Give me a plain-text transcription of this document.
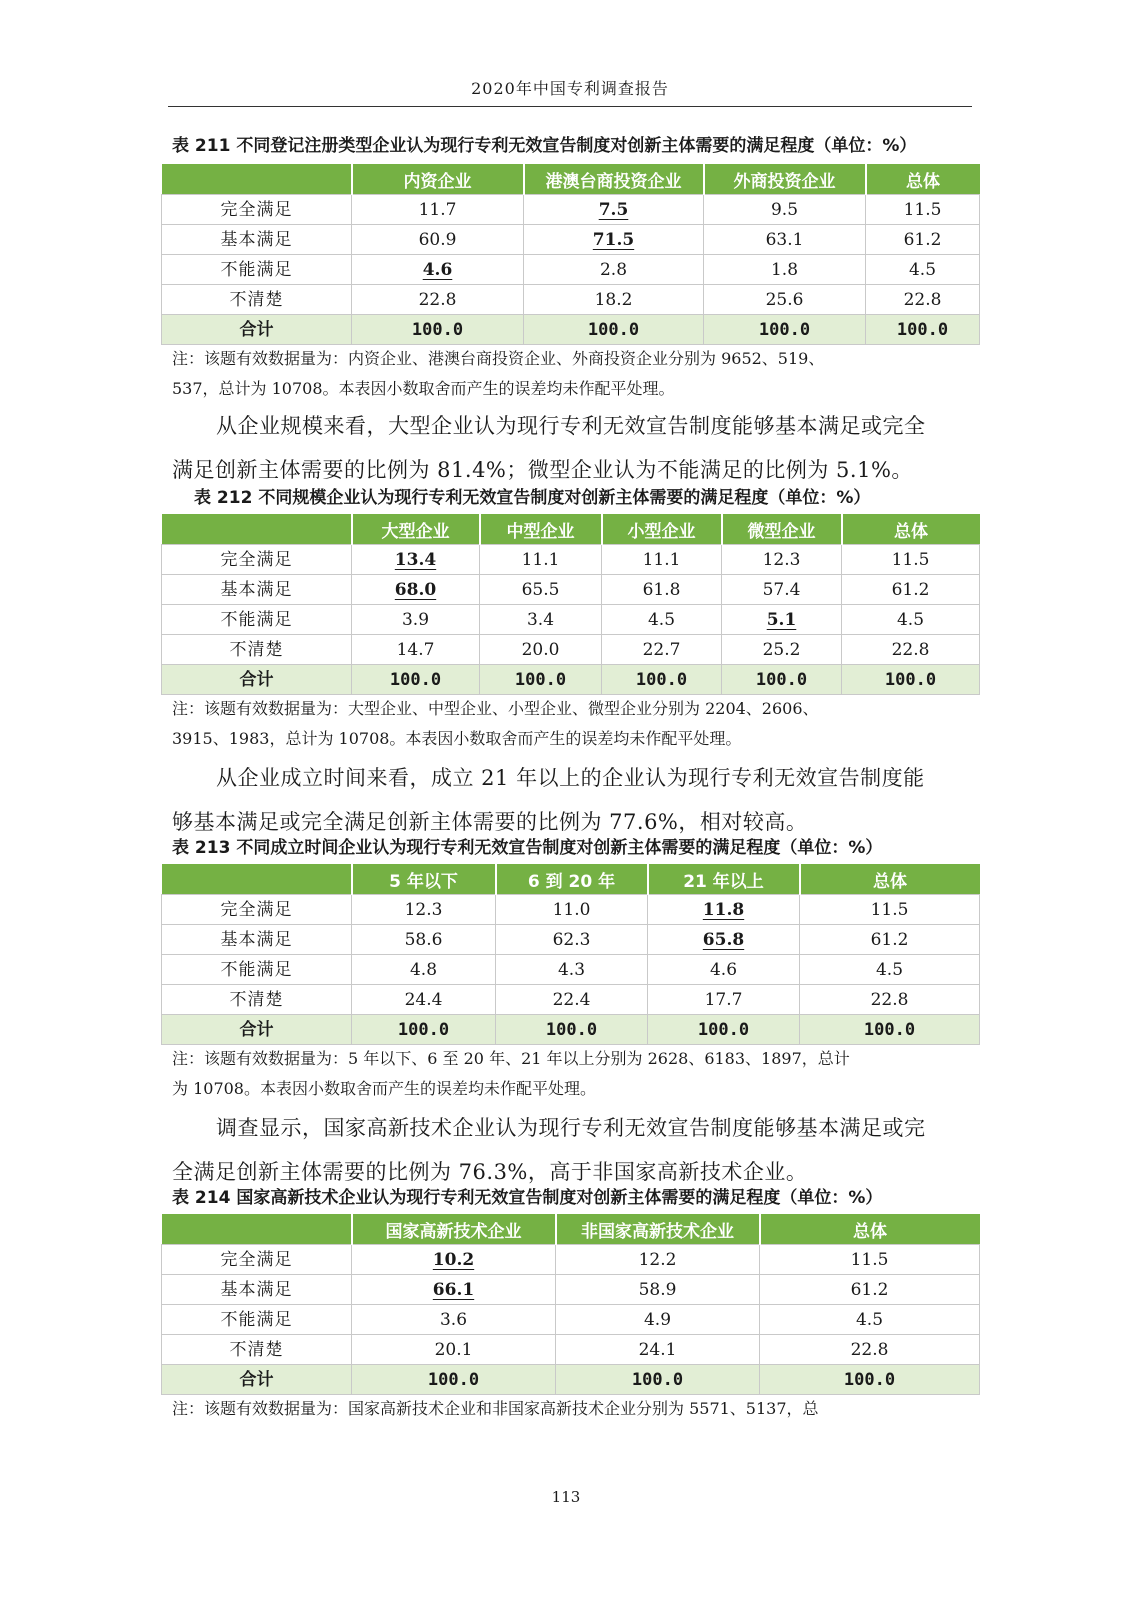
2020年中国专利调查报告
表 211 不同登记注册类型企业认为现行专利无效宣告制度对创新主体需要的满足程度（单位：%）
	内资企业	港澳台商投资企业	外商投资企业	总体
完全满足	11.7	7.5	9.5	11.5
基本满足	60.9	71.5	63.1	61.2
不能满足	4.6	2.8	1.8	4.5
不清楚	22.8	18.2	25.6	22.8
合计	100.0	100.0	100.0	100.0
注：该题有效数据量为：内资企业、港澳台商投资企业、外商投资企业分别为 9652、519、
537，总计为 10708。本表因小数取舍而产生的误差均未作配平处理。
从企业规模来看，大型企业认为现行专利无效宣告制度能够基本满足或完全
满足创新主体需要的比例为 81.4%；微型企业认为不能满足的比例为 5.1%。
表 212 不同规模企业认为现行专利无效宣告制度对创新主体需要的满足程度（单位：%）
	大型企业	中型企业	小型企业	微型企业	总体
完全满足	13.4	11.1	11.1	12.3	11.5
基本满足	68.0	65.5	61.8	57.4	61.2
不能满足	3.9	3.4	4.5	5.1	4.5
不清楚	14.7	20.0	22.7	25.2	22.8
合计	100.0	100.0	100.0	100.0	100.0
注：该题有效数据量为：大型企业、中型企业、小型企业、微型企业分别为 2204、2606、
3915、1983，总计为 10708。本表因小数取舍而产生的误差均未作配平处理。
从企业成立时间来看，成立 21 年以上的企业认为现行专利无效宣告制度能
够基本满足或完全满足创新主体需要的比例为 77.6%，相对较高。
表 213 不同成立时间企业认为现行专利无效宣告制度对创新主体需要的满足程度（单位：%）
	5 年以下	6 到 20 年	21 年以上	总体
完全满足	12.3	11.0	11.8	11.5
基本满足	58.6	62.3	65.8	61.2
不能满足	4.8	4.3	4.6	4.5
不清楚	24.4	22.4	17.7	22.8
合计	100.0	100.0	100.0	100.0
注：该题有效数据量为：5 年以下、6 至 20 年、21 年以上分别为 2628、6183、1897，总计
为 10708。本表因小数取舍而产生的误差均未作配平处理。
调查显示，国家高新技术企业认为现行专利无效宣告制度能够基本满足或完
全满足创新主体需要的比例为 76.3%，高于非国家高新技术企业。
表 214 国家高新技术企业认为现行专利无效宣告制度对创新主体需要的满足程度（单位：%）
	国家高新技术企业	非国家高新技术企业	总体
完全满足	10.2	12.2	11.5
基本满足	66.1	58.9	61.2
不能满足	3.6	4.9	4.5
不清楚	20.1	24.1	22.8
合计	100.0	100.0	100.0
注：该题有效数据量为：国家高新技术企业和非国家高新技术企业分别为 5571、5137，总
113
